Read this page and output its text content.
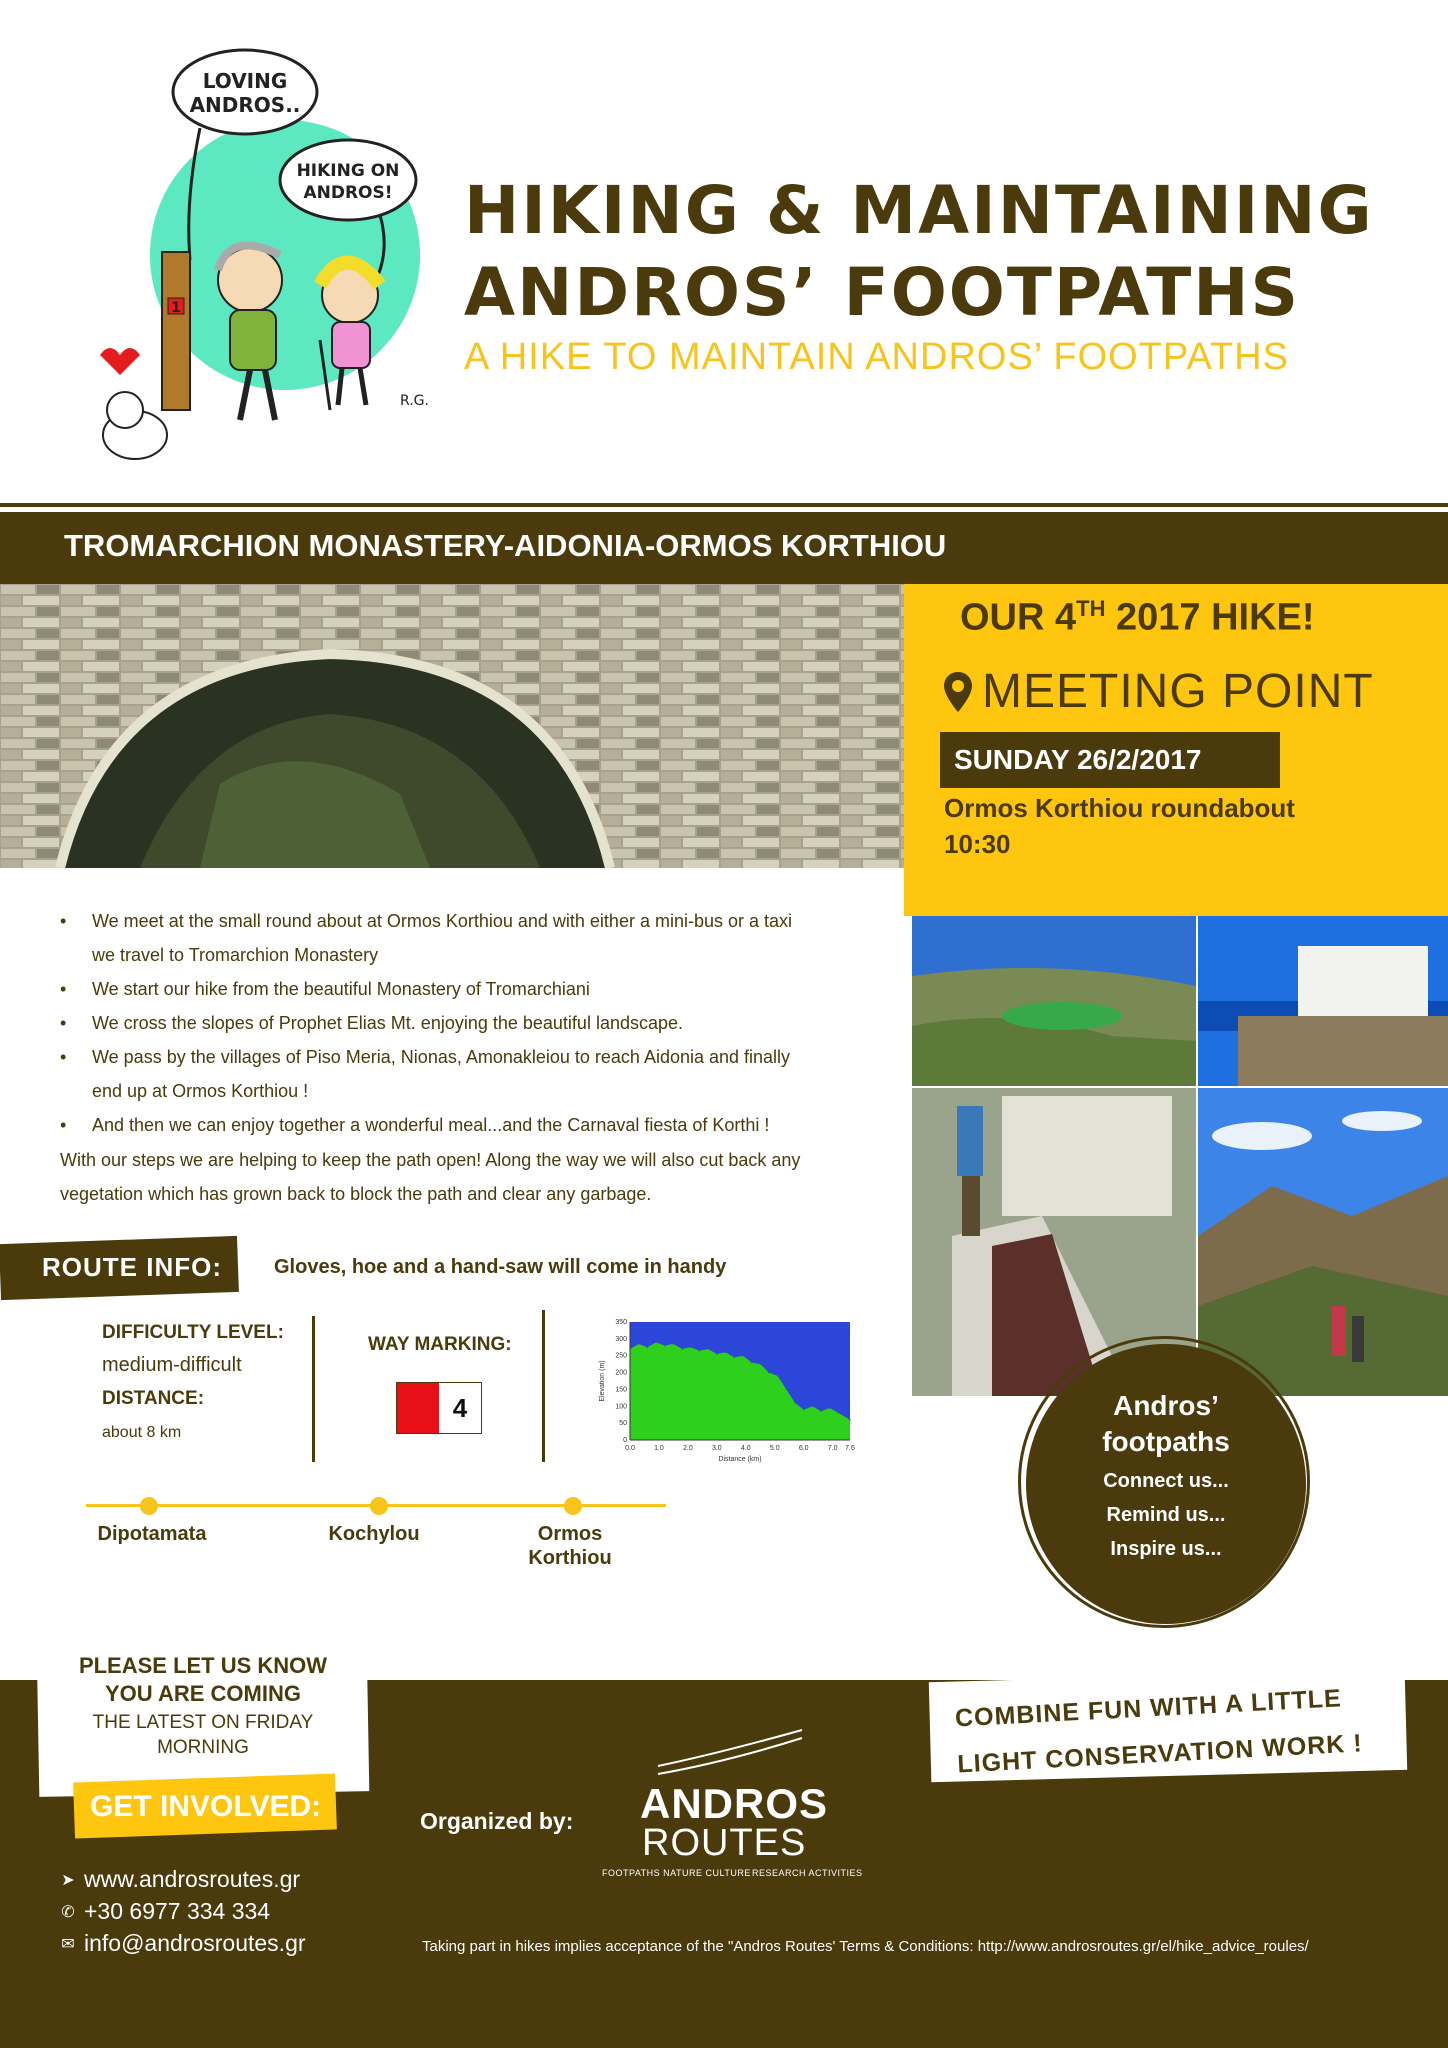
LOVING
ANDROS..
HIKING ON
ANDROS!
1
R.G.
HIKING & MAINTAINING
ANDROS’ FOOTPATHS
A HIKE TO MAINTAIN ANDROS’ FOOTPATHS
TROMARCHION MONASTERY-AIDONIA-ORMOS KORTHIOU
OUR 4TH 2017 HIKE!
MEETING POINT
SUNDAY 26/2/2017
Ormos Korthiou roundabout
10:30
• We meet at the small round about at Ormos Korthiou and with either a mini-bus or a taxi we travel to Tromarchion Monastery
• We start our hike from the beautiful Monastery of Tromarchiani
• We cross the slopes of Prophet Elias Mt. enjoying the beautiful landscape.
• We pass by the villages of Piso Meria, Nionas, Amonakleiou to reach Aidonia and finally end up at Ormos Korthiou !
• And then we can enjoy together a wonderful meal...and the Carnaval fiesta of Korthi !
With our steps we are helping to keep the path open! Along the way we will also cut back any vegetation which has grown back to block the path and clear any garbage.
ROUTE INFO:	Gloves, hoe and a hand-saw will come in handy
DIFFICULTY LEVEL:
medium-difficult
DISTANCE:
about 8 km
WAY MARKING:
4
0.0	1.0	2.0	3.0	4.0	5.0	6.0	7.0 7.6
0
50
100
150
200
250
300
350
Distance (km)
Elevation (m)
Dipotamata	Kochylou	Ormos
Korthiou
Andros’
footpaths
Connect us...
Remind us...
Inspire us...
PLEASE LET US KNOW YOU ARE COMING
THE LATEST ON FRIDAY MORNING
GET INVOLVED:
➤ www.androsroutes.gr
✆ +30 6977 334 334
✉ info@androsroutes.gr
Organized by: ANDROS
ROUTES
FOOTPATHS NATURE CULTURE RESEARCH ACTIVITIES
Taking part in hikes implies acceptance of the "Andros Routes' Terms & Conditions: http://www.androsroutes.gr/el/hike_advice_roules/
COMBINE FUN WITH A LITTLE
LIGHT CONSERVATION WORK !
